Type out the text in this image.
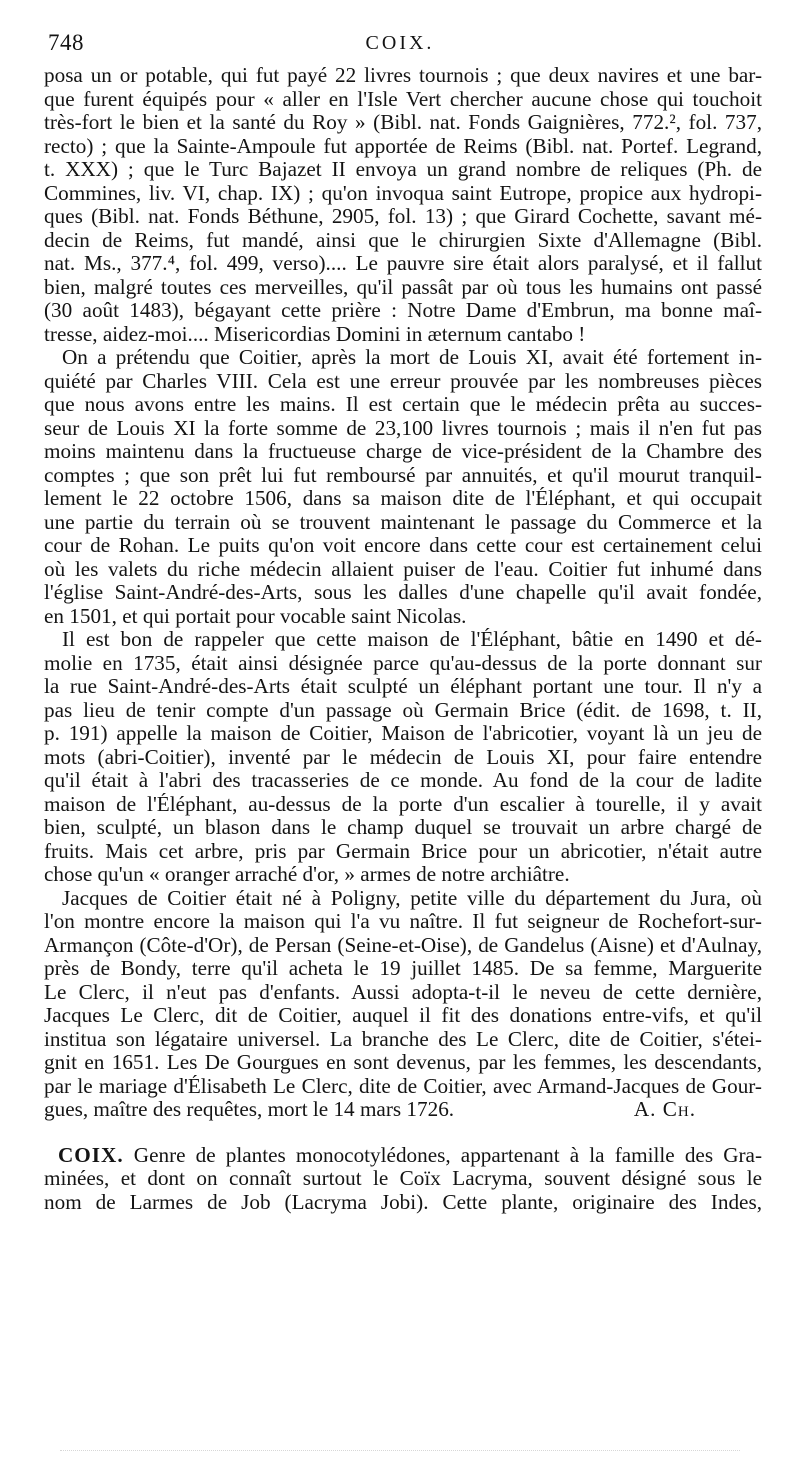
748	COIX.
posa un or potable, qui fut payé 22 livres tournois ; que deux navires et une bar-
que furent équipés pour « aller en l'Isle Vert chercher aucune chose qui touchoit
très-fort le bien et la santé du Roy » (Bibl. nat. Fonds Gaignières, 772.², fol. 737,
recto) ; que la Sainte-Ampoule fut apportée de Reims (Bibl. nat. Portef. Legrand,
t. XXX) ; que le Turc Bajazet II envoya un grand nombre de reliques (Ph. de
Commines, liv. VI, chap. IX) ; qu'on invoqua saint Eutrope, propice aux hydropi-
ques (Bibl. nat. Fonds Béthune, 2905, fol. 13) ; que Girard Cochette, savant mé-
decin de Reims, fut mandé, ainsi que le chirurgien Sixte d'Allemagne (Bibl.
nat. Ms., 377.⁴, fol. 499, verso).... Le pauvre sire était alors paralysé, et il fallut
bien, malgré toutes ces merveilles, qu'il passât par où tous les humains ont passé
(30 août 1483), bégayant cette prière : Notre Dame d'Embrun, ma bonne maî-
tresse, aidez-moi.... Misericordias Domini in æternum cantabo !
On a prétendu que Coitier, après la mort de Louis XI, avait été fortement in-
quiété par Charles VIII. Cela est une erreur prouvée par les nombreuses pièces
que nous avons entre les mains. Il est certain que le médecin prêta au succes-
seur de Louis XI la forte somme de 23,100 livres tournois ; mais il n'en fut pas
moins maintenu dans la fructueuse charge de vice-président de la Chambre des
comptes ; que son prêt lui fut remboursé par annuités, et qu'il mourut tranquil-
lement le 22 octobre 1506, dans sa maison dite de l'Éléphant, et qui occupait
une partie du terrain où se trouvent maintenant le passage du Commerce et la
cour de Rohan. Le puits qu'on voit encore dans cette cour est certainement celui
où les valets du riche médecin allaient puiser de l'eau. Coitier fut inhumé dans
l'église Saint-André-des-Arts, sous les dalles d'une chapelle qu'il avait fondée,
en 1501, et qui portait pour vocable saint Nicolas.
Il est bon de rappeler que cette maison de l'Éléphant, bâtie en 1490 et dé-
molie en 1735, était ainsi désignée parce qu'au-dessus de la porte donnant sur
la rue Saint-André-des-Arts était sculpté un éléphant portant une tour. Il n'y a
pas lieu de tenir compte d'un passage où Germain Brice (édit. de 1698, t. II,
p. 191) appelle la maison de Coitier, Maison de l'abricotier, voyant là un jeu de
mots (abri-Coitier), inventé par le médecin de Louis XI, pour faire entendre
qu'il était à l'abri des tracasseries de ce monde. Au fond de la cour de ladite
maison de l'Éléphant, au-dessus de la porte d'un escalier à tourelle, il y avait
bien, sculpté, un blason dans le champ duquel se trouvait un arbre chargé de
fruits. Mais cet arbre, pris par Germain Brice pour un abricotier, n'était autre
chose qu'un « oranger arraché d'or, » armes de notre archiâtre.
Jacques de Coitier était né à Poligny, petite ville du département du Jura, où
l'on montre encore la maison qui l'a vu naître. Il fut seigneur de Rochefort-sur-
Armançon (Côte-d'Or), de Persan (Seine-et-Oise), de Gandelus (Aisne) et d'Aulnay,
près de Bondy, terre qu'il acheta le 19 juillet 1485. De sa femme, Marguerite
Le Clerc, il n'eut pas d'enfants. Aussi adopta-t-il le neveu de cette dernière,
Jacques Le Clerc, dit de Coitier, auquel il fit des donations entre-vifs, et qu'il
institua son légataire universel. La branche des Le Clerc, dite de Coitier, s'étei-
gnit en 1651. Les De Gourgues en sont devenus, par les femmes, les descendants,
par le mariage d'Élisabeth Le Clerc, dite de Coitier, avec Armand-Jacques de Gour-
gues, maître des requêtes, mort le 14 mars 1726.	A. Ch.
COIX. Genre de plantes monocotylédones, appartenant à la famille des Gra-
minées, et dont on connaît surtout le Coïx Lacryma, souvent désigné sous le
nom de Larmes de Job (Lacryma Jobi). Cette plante, originaire des Indes,
